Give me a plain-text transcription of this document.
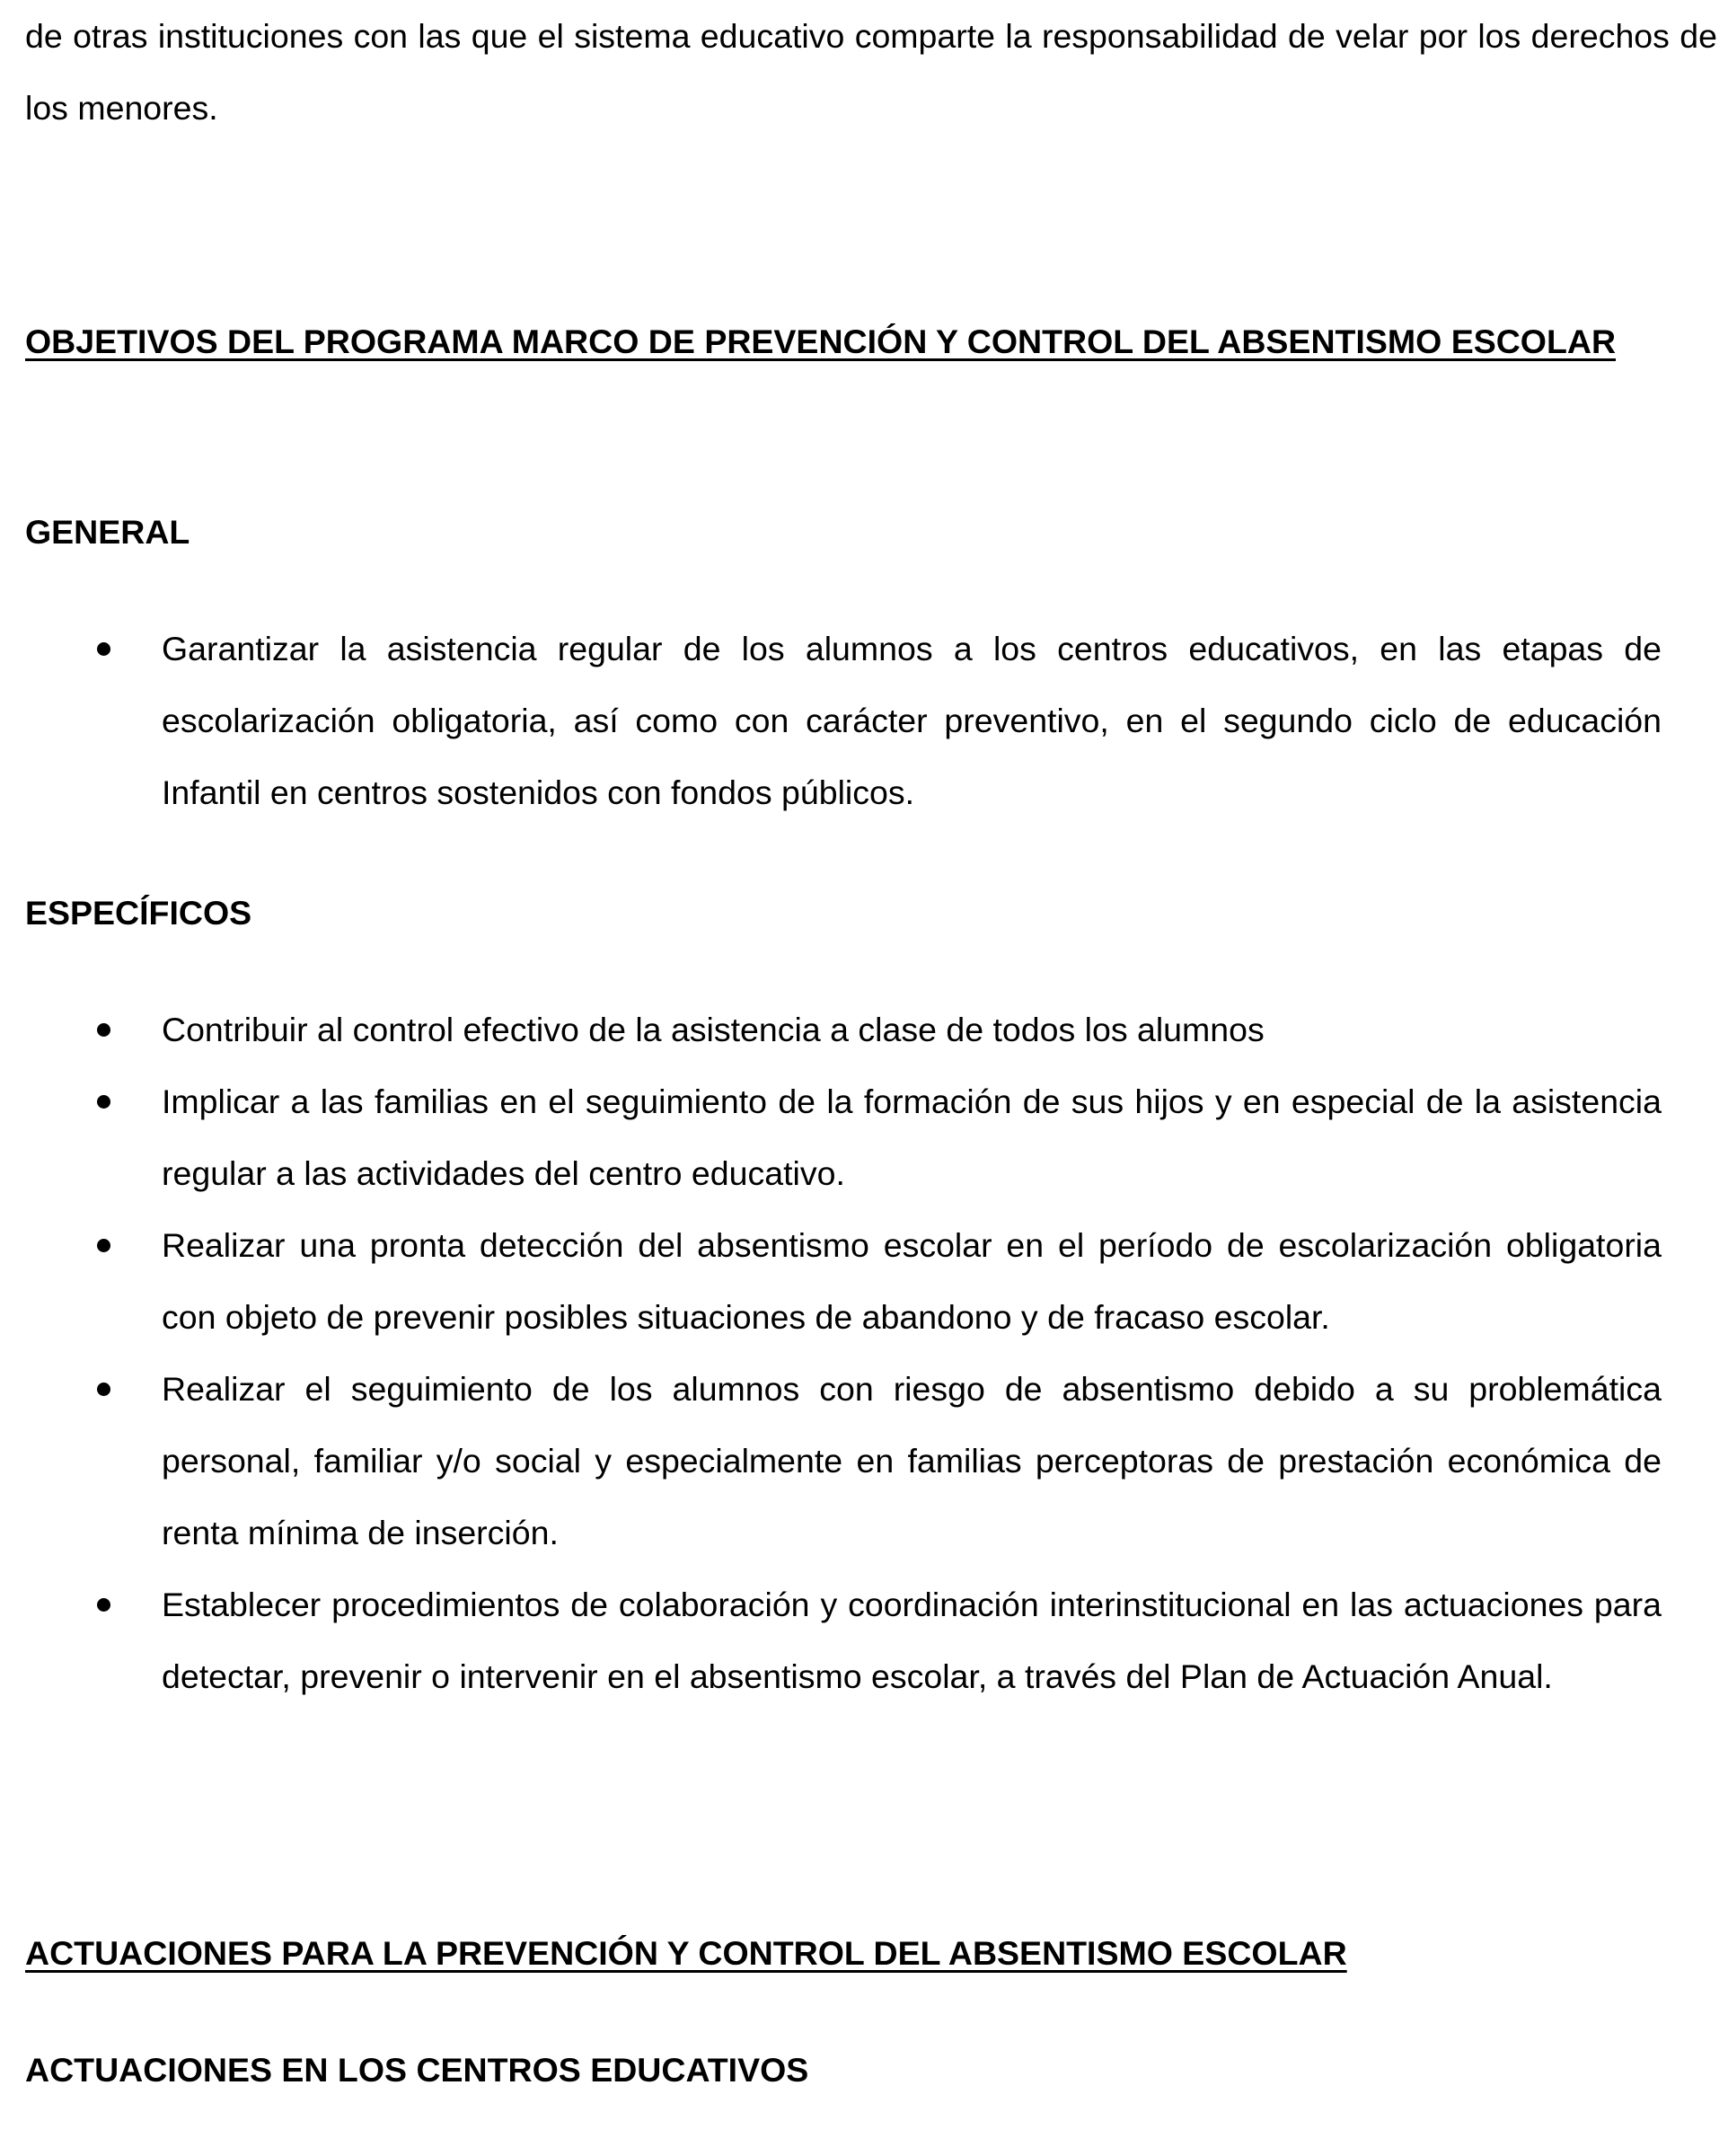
de otras instituciones con las que el sistema educativo comparte la responsabilidad de velar por los derechos de los menores.

OBJETIVOS DEL PROGRAMA MARCO DE PREVENCIÓN Y CONTROL DEL ABSENTISMO ESCOLAR
GENERAL
Garantizar la asistencia regular de los alumnos a los centros educativos, en las etapas de escolarización obligatoria, así como con carácter preventivo, en el segundo ciclo de educación Infantil en centros sostenidos con fondos públicos.
ESPECÍFICOS
Contribuir al control efectivo de la asistencia a clase de todos los alumnos
Implicar a las familias en el seguimiento de la formación de sus hijos y en especial de la asistencia regular a las actividades del centro educativo.
Realizar una pronta detección del absentismo escolar en el período de escolarización obligatoria con objeto de prevenir posibles situaciones de abandono y de fracaso escolar.
Realizar el seguimiento de los alumnos con riesgo de absentismo debido a su problemática personal, familiar y/o social y especialmente en familias perceptoras de prestación económica de renta mínima de inserción.
Establecer procedimientos de colaboración y coordinación interinstitucional en las actuaciones para detectar, prevenir o intervenir en el absentismo escolar, a través del Plan de Actuación Anual.
ACTUACIONES PARA LA PREVENCIÓN Y CONTROL DEL ABSENTISMO ESCOLAR
ACTUACIONES EN LOS CENTROS EDUCATIVOS
